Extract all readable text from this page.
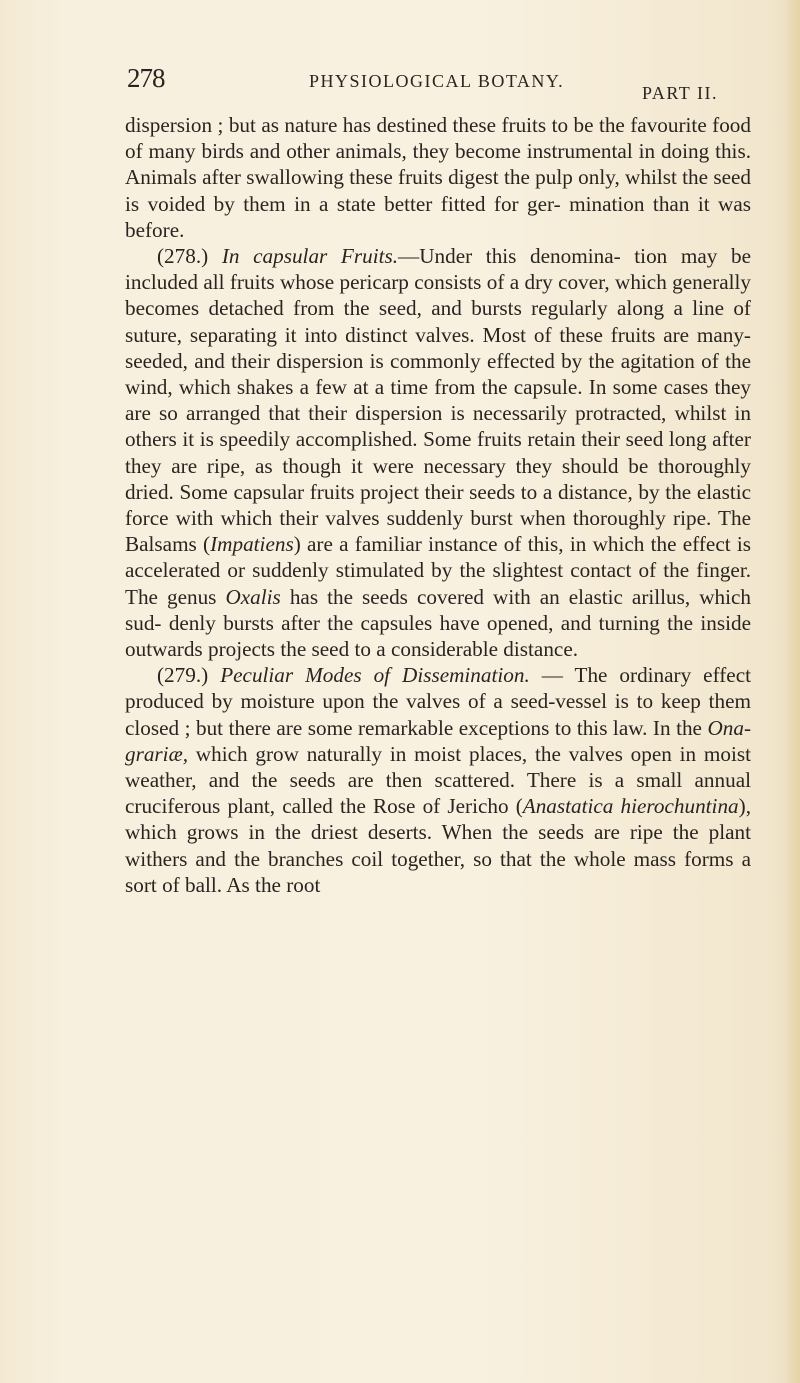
278	PHYSIOLOGICAL BOTANY.
PART II.

dispersion ; but as nature has destined these fruits to be the favourite food of many birds and other animals, they become instrumental in doing this. Animals after swallowing these fruits digest the pulp only, whilst the seed is voided by them in a state better fitted for ger- mination than it was before.

(278.) In capsular Fruits.—Under this denomina- tion may be included all fruits whose pericarp consists of a dry cover, which generally becomes detached from the seed, and bursts regularly along a line of suture, separating it into distinct valves. Most of these fruits are many-seeded, and their dispersion is commonly effected by the agitation of the wind, which shakes a few at a time from the capsule. In some cases they are so arranged that their dispersion is necessarily protracted, whilst in others it is speedily accomplished. Some fruits retain their seed long after they are ripe, as though it were necessary they should be thoroughly dried. Some capsular fruits project their seeds to a distance, by the elastic force with which their valves suddenly burst when thoroughly ripe. The Balsams (Impatiens) are a familiar instance of this, in which the effect is accelerated or suddenly stimulated by the slightest contact of the finger. The genus Oxalis has the seeds covered with an elastic arillus, which sud- denly bursts after the capsules have opened, and turning the inside outwards projects the seed to a considerable distance.

(279.) Peculiar Modes of Dissemination. — The ordinary effect produced by moisture upon the valves of a seed-vessel is to keep them closed ; but there are some remarkable exceptions to this law. In the Ona- grariæ, which grow naturally in moist places, the valves open in moist weather, and the seeds are then scattered. There is a small annual cruciferous plant, called the Rose of Jericho (Anastatica hierochuntina), which grows in the driest deserts. When the seeds are ripe the plant withers and the branches coil together, so that the whole mass forms a sort of ball. As the root
